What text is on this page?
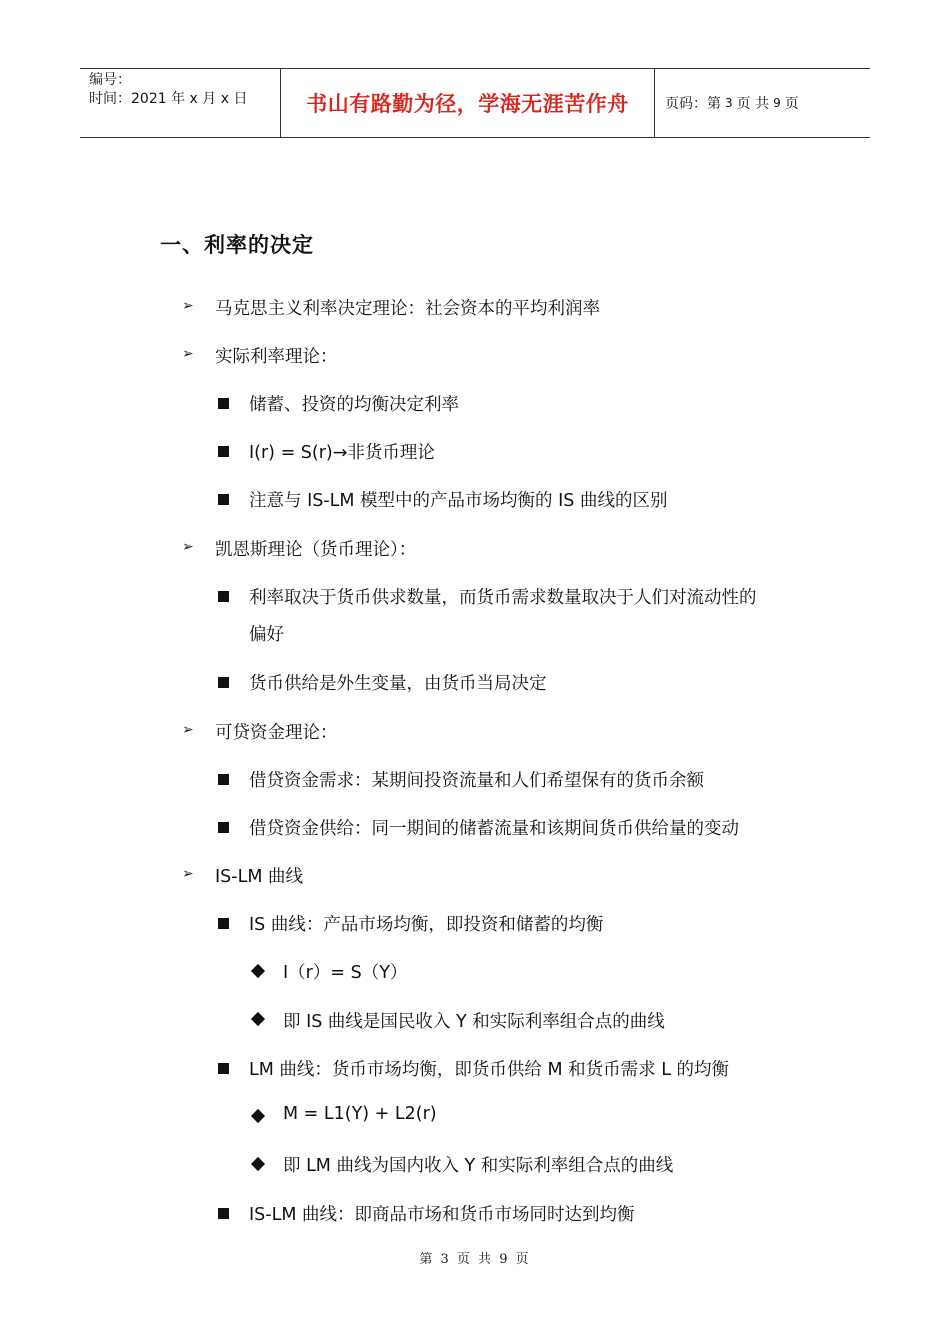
编号：
时间：2021 年 x 月 x 日	书山有路勤为径，学海无涯苦作舟	页码：第 3 页 共 9 页
一、利率的决定
➢ 马克思主义利率决定理论：社会资本的平均利润率
➢ 实际利率理论：
储蓄、投资的均衡决定利率
I(r) = S(r)→非货币理论
注意与 IS-LM 模型中的产品市场均衡的 IS 曲线的区别
➢ 凯恩斯理论（货币理论）：
利率取决于货币供求数量，而货币需求数量取决于人们对流动性的
偏好
货币供给是外生变量，由货币当局决定
➢ 可贷资金理论：
借贷资金需求：某期间投资流量和人们希望保有的货币余额
借贷资金供给：同一期间的储蓄流量和该期间货币供给量的变动
➢ IS-LM 曲线
IS 曲线：产品市场均衡，即投资和储蓄的均衡
I（r）= S（Y）
即 IS 曲线是国民收入 Y 和实际利率组合点的曲线
LM 曲线：货币市场均衡，即货币供给 M 和货币需求 L 的均衡
M = L1(Y) + L2(r)
即 LM 曲线为国内收入 Y 和实际利率组合点的曲线
IS-LM 曲线：即商品市场和货币市场同时达到均衡
第 3 页 共 9 页
